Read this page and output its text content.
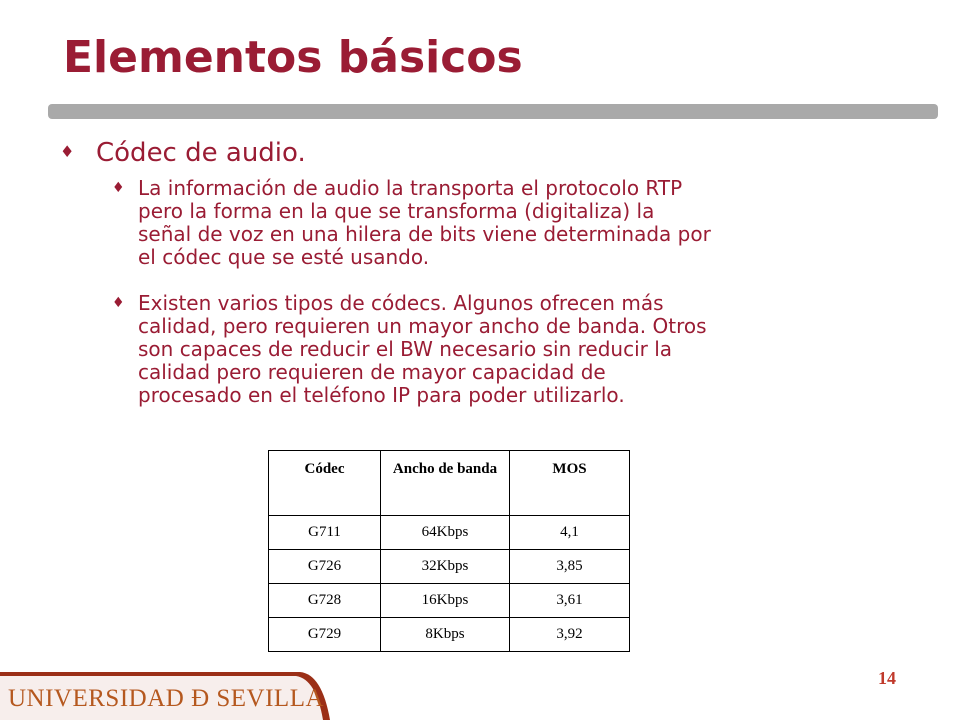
Elementos básicos
♦ Códec de audio.
♦ La información de audio la transporta el protocolo RTP
pero la forma en la que se transforma (digitaliza) la
señal de voz en una hilera de bits viene determinada por
el códec que se esté usando.
♦ Existen varios tipos de códecs. Algunos ofrecen más
calidad, pero requieren un mayor ancho de banda. Otros
son capaces de reducir el BW necesario sin reducir la
calidad pero requieren de mayor capacidad de
procesado en el teléfono IP para poder utilizarlo.
Códec	Ancho de banda	MOS
G711	64Kbps	4,1
G726	32Kbps	3,85
G728	16Kbps	3,61
G729	8Kbps	3,92
14
UNIVERSIDAD Ð SEVILLA
